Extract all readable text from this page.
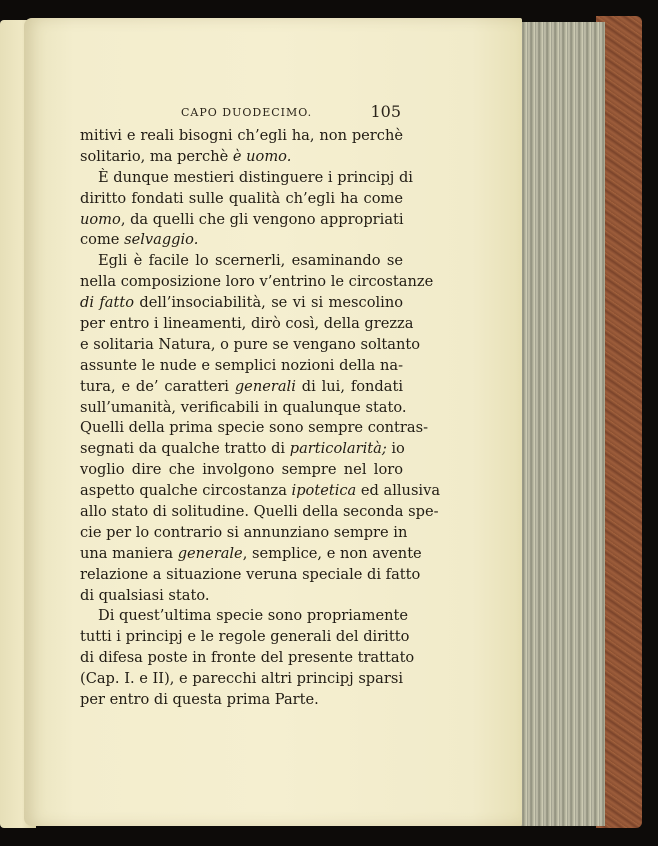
CAPO DUODECIMO.	105
mitivi e reali bisogni ch’egli ha, non perchè
solitario, ma perchè è uomo.
È dunque mestieri distinguere i principj di
diritto fondati sulle qualità ch’egli ha come
uomo, da quelli che gli vengono appropriati
come selvaggio.
Egli è facile lo scernerli, esaminando se
nella composizione loro v’entrino le circostanze
di fatto dell’insociabilità, se vi si mescolino
per entro i lineamenti, dirò così, della grezza
e solitaria Natura, o pure se vengano soltanto
assunte le nude e semplici nozioni della na-
tura, e de’ caratteri generali di lui, fondati
sull’umanità, verificabili in qualunque stato.
Quelli della prima specie sono sempre contras-
segnati da qualche tratto di particolarità; io
voglio dire che involgono sempre nel loro
aspetto qualche circostanza ipotetica ed allusiva
allo stato di solitudine. Quelli della seconda spe-
cie per lo contrario si annunziano sempre in
una maniera generale, semplice, e non avente
relazione a situazione veruna speciale di fatto
di qualsiasi stato.
Di quest’ultima specie sono propriamente
tutti i principj e le regole generali del diritto
di difesa poste in fronte del presente trattato
(Cap. I. e II), e parecchi altri principj sparsi
per entro di questa prima Parte.
